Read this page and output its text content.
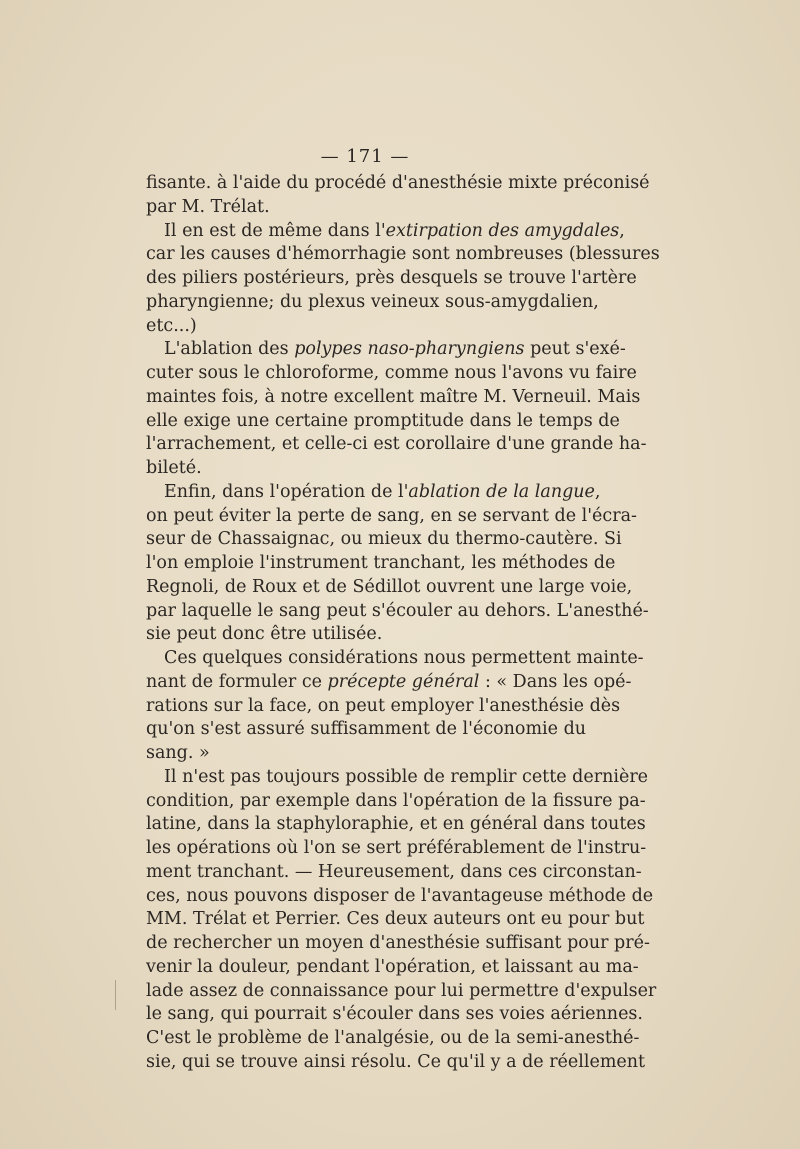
— 171 —
fisante. à l'aide du procédé d'anesthésie mixte préconisé
par M. Trélat.
Il en est de même dans l'extirpation des amygdales,
car les causes d'hémorrhagie sont nombreuses (blessures
des piliers postérieurs, près desquels se trouve l'artère
pharyngienne; du plexus veineux sous-amygdalien,
etc...)
L'ablation des polypes naso-pharyngiens peut s'exé-
cuter sous le chloroforme, comme nous l'avons vu faire
maintes fois, à notre excellent maître M. Verneuil. Mais
elle exige une certaine promptitude dans le temps de
l'arrachement, et celle-ci est corollaire d'une grande ha-
bileté.
Enfin, dans l'opération de l'ablation de la langue,
on peut éviter la perte de sang, en se servant de l'écra-
seur de Chassaignac, ou mieux du thermo-cautère. Si
l'on emploie l'instrument tranchant, les méthodes de
Regnoli, de Roux et de Sédillot ouvrent une large voie,
par laquelle le sang peut s'écouler au dehors. L'anesthé-
sie peut donc être utilisée.
Ces quelques considérations nous permettent mainte-
nant de formuler ce précepte général : « Dans les opé-
rations sur la face, on peut employer l'anesthésie dès
qu'on s'est assuré suffisamment de l'économie du
sang. »
Il n'est pas toujours possible de remplir cette dernière
condition, par exemple dans l'opération de la fissure pa-
latine, dans la staphyloraphie, et en général dans toutes
les opérations où l'on se sert préférablement de l'instru-
ment tranchant. — Heureusement, dans ces circonstan-
ces, nous pouvons disposer de l'avantageuse méthode de
MM. Trélat et Perrier. Ces deux auteurs ont eu pour but
de rechercher un moyen d'anesthésie suffisant pour pré-
venir la douleur, pendant l'opération, et laissant au ma-
lade assez de connaissance pour lui permettre d'expulser
le sang, qui pourrait s'écouler dans ses voies aériennes.
C'est le problème de l'analgésie, ou de la semi-anesthé-
sie, qui se trouve ainsi résolu. Ce qu'il y a de réellement
